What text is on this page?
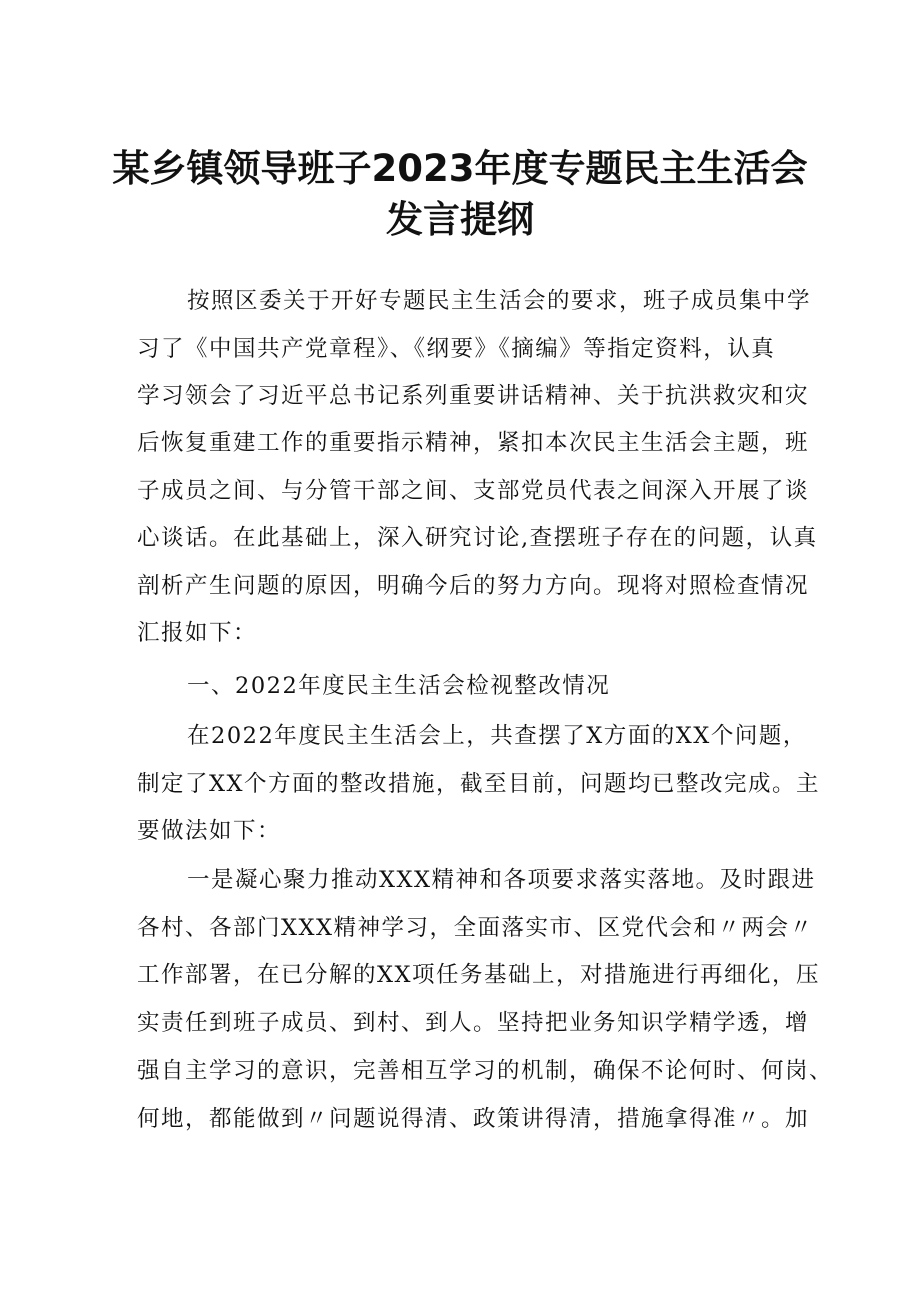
某乡镇领导班子2023年度专题民主生活会
发言提纲

按照区委关于开好专题民主生活会的要求，班子成员集中学

习了《中国共产党章程》、《纲要》《摘编》等指定资料，认真

学习领会了习近平总书记系列重要讲话精神、关于抗洪救灾和灾

后恢复重建工作的重要指示精神，紧扣本次民主生活会主题，班

子成员之间、与分管干部之间、支部党员代表之间深入开展了谈

心谈话。在此基础上，深入研究讨论,查摆班子存在的问题，认真

剖析产生问题的原因，明确今后的努力方向。现将对照检查情况

汇报如下：

一、2022年度民主生活会检视整改情况

在2022年度民主生活会上，共查摆了X方面的XX个问题，

制定了XX个方面的整改措施，截至目前，问题均已整改完成。主

要做法如下：

一是凝心聚力推动XXX精神和各项要求落实落地。及时跟进

各村、各部门XXX精神学习，全面落实市、区党代会和〃两会〃

工作部署，在已分解的XX项任务基础上，对措施进行再细化，压

实责任到班子成员、到村、到人。坚持把业务知识学精学透，增

强自主学习的意识，完善相互学习的机制，确保不论何时、何岗、

何地，都能做到〃问题说得清、政策讲得清，措施拿得准〃。加
